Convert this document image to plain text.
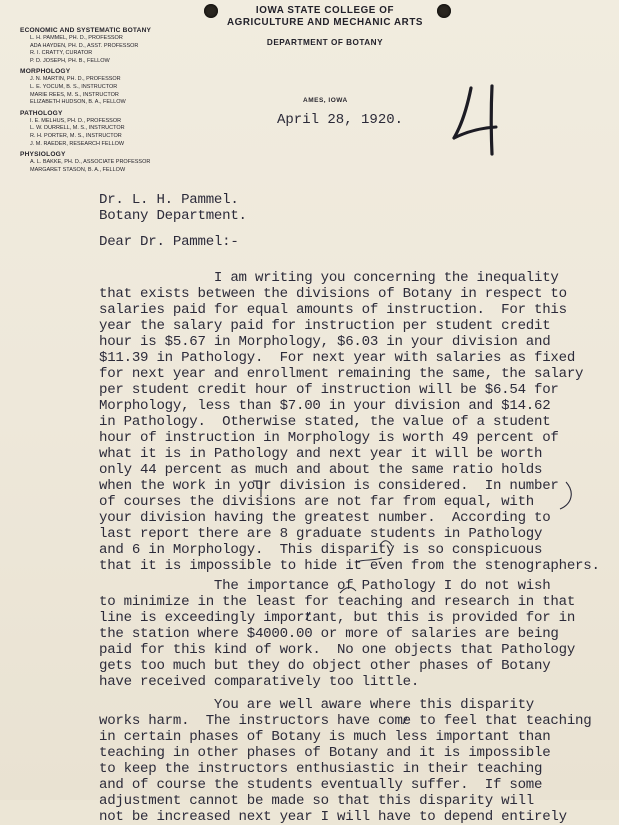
ECONOMIC AND SYSTEMATIC BOTANY
L. H. PAMMEL, PH. D., PROFESSOR
ADA HAYDEN, PH. D., ASST. PROFESSOR
R. I. CRATTY, CURATOR
P. D. JOSEPH, PH. B., FELLOW
MORPHOLOGY
J. N. MARTIN, PH. D., PROFESSOR
L. E. YOCUM, B. S., INSTRUCTOR
MARIE REES, M. S., INSTRUCTOR
ELIZABETH HUDSON, B. A., FELLOW
PATHOLOGY
I. E. MELHUS, PH. D., PROFESSOR
L. W. DURRELL, M. S., INSTRUCTOR
R. H. PORTER, M. S., INSTRUCTOR
J. M. RAEDER, RESEARCH FELLOW
PHYSIOLOGY
A. L. BAKKE, PH. D., ASSOCIATE PROFESSOR
MARGARET STASON, B. A., FELLOW
IOWA STATE COLLEGE OF
AGRICULTURE AND MECHANIC ARTS
DEPARTMENT OF BOTANY
AMES, IOWA
April 28, 1920.
Dr. L. H. Pammel.
Botany Department.
Dear Dr. Pammel:-
I am writing you concerning the inequality
that exists between the divisions of Botany in respect to
salaries paid for equal amounts of instruction.  For this
year the salary paid for instruction per student credit
hour is $5.67 in Morphology, $6.03 in your division and
$11.39 in Pathology.  For next year with salaries as fixed
for next year and enrollment remaining the same, the salary
per student credit hour of instruction will be $6.54 for
Morphology, less than $7.00 in your division and $14.62
in Pathology.  Otherwise stated, the value of a student
hour of instruction in Morphology is worth 49 percent of
what it is in Pathology and next year it will be worth
only 44 percent as much and about the same ratio holds
when the work in your division is considered.  In number
of courses the divisions are not far from equal, with
your division having the greatest number.  According to
last report there are 8 graduate students in Pathology
and 6 in Morphology.  This disparity is so conspicuous
that it is impossible to hide it even from the stenographers.
The importance of Pathology I do not wish
to minimize in the least for teaching and research in that
line is exceedingly important, but this is provided for in
the station where $4000.00 or more of salaries are being
paid for this kind of work.  No one objects that Pathology
gets too much but they do object other phases of Botany
have received comparatively too little.
You are well aware where this disparity
works harm.  The instructors have come to feel that teaching
in certain phases of Botany is much less important than
teaching in other phases of Botany and it is impossible
to keep the instructors enthusiastic in their teaching
and of course the students eventually suffer.  If some
adjustment cannot be made so that this disparity will
not be increased next year I will have to depend entirely
